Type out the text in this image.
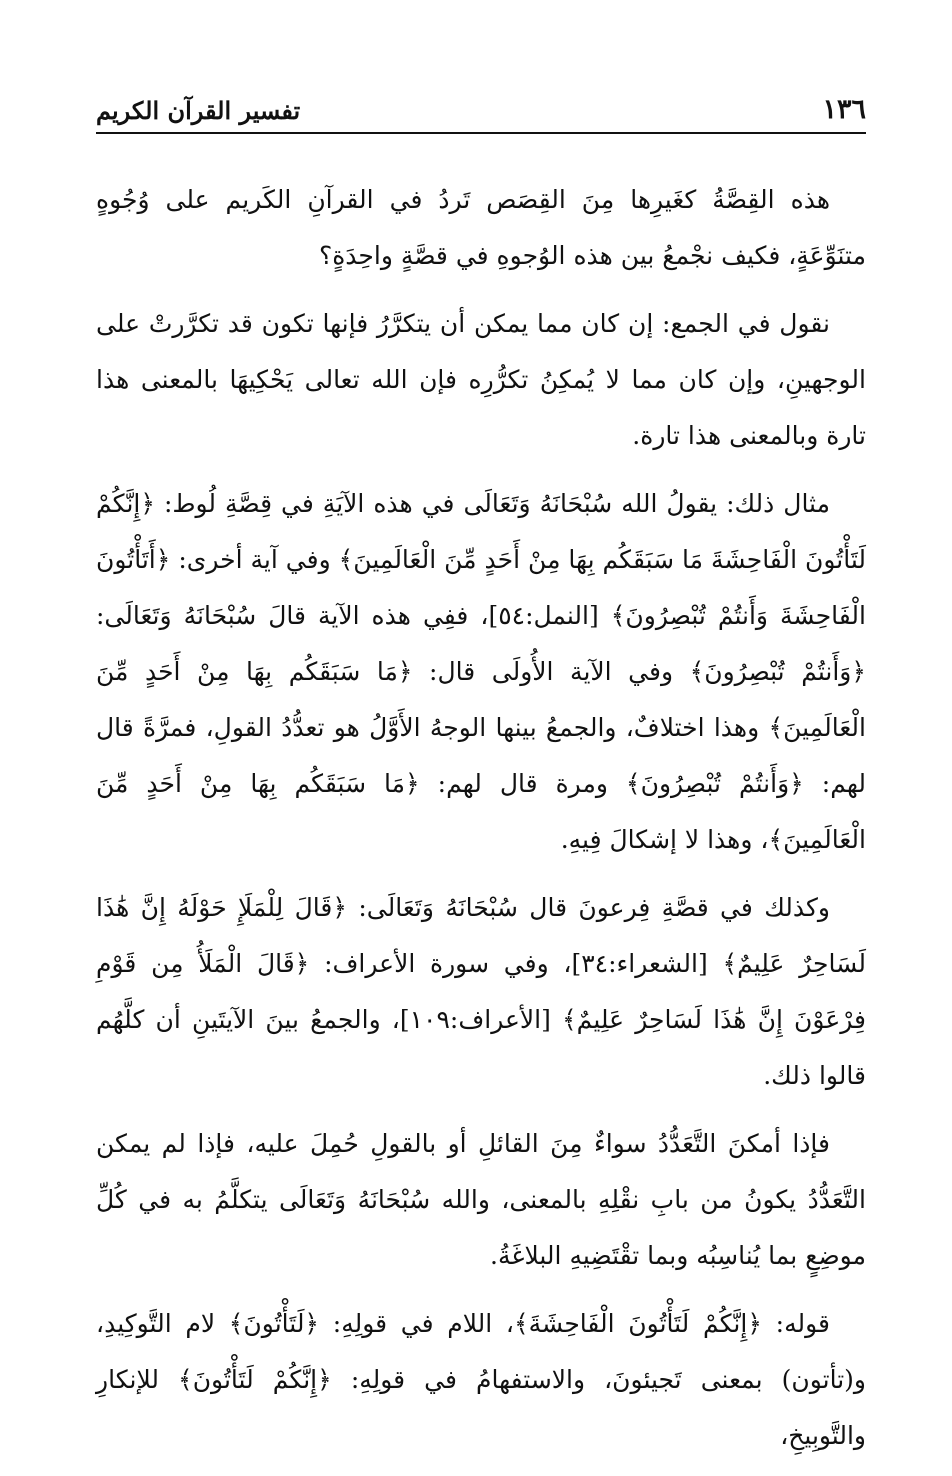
١٣٦
تفسير القرآن الكريم

هذه القِصَّةُ كغَيرِها مِنَ القِصَص تَردُ في القرآنِ الكَريم على وُجُوهٍ متنَوِّعَةٍ، فكيف نجْمعُ بين هذه الوُجوهِ في قصَّةٍ واحِدَةٍ؟

نقول في الجمع: إن كان مما يمكن أن يتكرَّرُ فإنها تكون قد تكرَّرتْ على الوجهينِ، وإن كان مما لا يُمكِنُ تكرُّرِه فإن الله تعالى يَحْكِيهَا بالمعنى هذا تارة وبالمعنى هذا تارة.

مثال ذلك: يقولُ الله سُبْحَانَهُ وَتَعَالَى في هذه الآيَةِ في قِصَّةِ لُوط: ﴿إِنَّكُمْ لَتَأْتُونَ الْفَاحِشَةَ مَا سَبَقَكُم بِهَا مِنْ أَحَدٍ مِّنَ الْعَالَمِينَ﴾ وفي آية أخرى: ﴿أَتَأْتُونَ الْفَاحِشَةَ وَأَنتُمْ تُبْصِرُونَ﴾ [النمل:٥٤]، ففِي هذه الآية قالَ سُبْحَانَهُ وَتَعَالَى: ﴿وَأَنتُمْ تُبْصِرُونَ﴾ وفي الآية الأُولَى قال: ﴿مَا سَبَقَكُم بِهَا مِنْ أَحَدٍ مِّنَ الْعَالَمِينَ﴾ وهذا اختلافٌ، والجمعُ بينها الوجهُ الأَوَّلُ هو تعدُّدُ القولِ، فمرَّةً قال لهم: ﴿وَأَنتُمْ تُبْصِرُونَ﴾ ومرة قال لهم: ﴿مَا سَبَقَكُم بِهَا مِنْ أَحَدٍ مِّنَ الْعَالَمِينَ﴾، وهذا لا إشكالَ فِيهِ.

وكذلك في قصَّةِ فِرعونَ قال سُبْحَانَهُ وَتَعَالَى: ﴿قَالَ لِلْمَلَإِ حَوْلَهُ إِنَّ هَٰذَا لَسَاحِرٌ عَلِيمٌ﴾ [الشعراء:٣٤]، وفي سورة الأعراف: ﴿قَالَ الْمَلَأُ مِن قَوْمِ فِرْعَوْنَ إِنَّ هَٰذَا لَسَاحِرٌ عَلِيمٌ﴾ [الأعراف:١٠٩]، والجمعُ بينَ الآيتَينِ أن كلَّهُم قالوا ذلك.

فإذا أمكنَ التَّعَدُّدُ سواءٌ مِنَ القائلِ أو بالقولِ حُمِلَ عليه، فإذا لم يمكن التَّعَدُّدُ يكونُ من بابِ نقْلِهِ بالمعنى، والله سُبْحَانَهُ وَتَعَالَى يتكلَّمُ به في كُلِّ موضِعٍ بما يُناسِبُه وبما تقْتَضِيهِ البلاغَةُ.

قوله: ﴿إِنَّكُمْ لَتَأْتُونَ الْفَاحِشَةَ﴾، اللام في قولِهِ: ﴿لَتَأْتُونَ﴾ لام التَّوكِيدِ، و(تأتون) بمعنى تَجيئونَ، والاستفهامُ في قولِهِ: ﴿إِنَّكُمْ لَتَأْتُونَ﴾ للإنكارِ والتَّوبِيخِ،
